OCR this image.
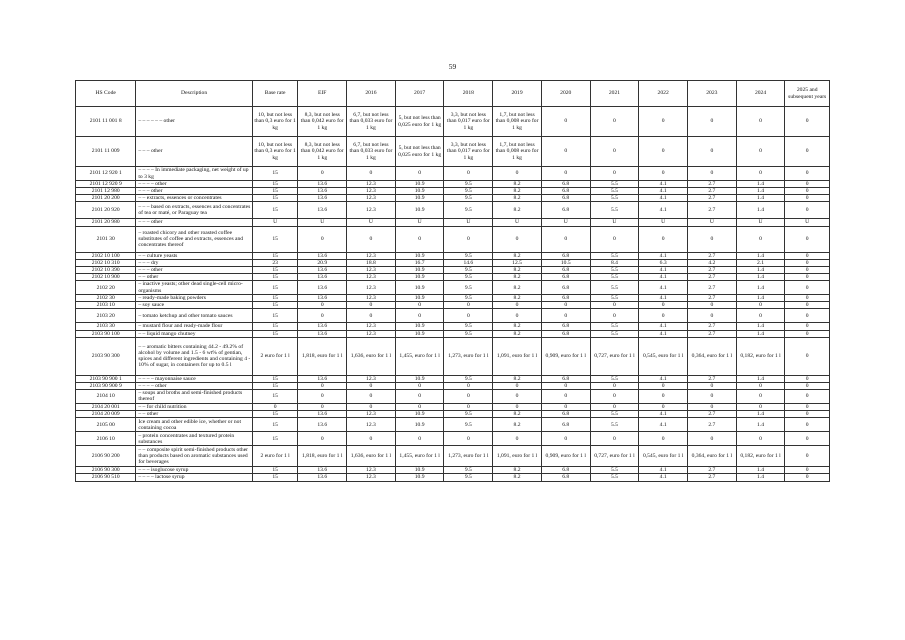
59
HS Code	Description	Base rate	EIF	2016	2017	2018	2019	2020	2021	2022	2023	2024	2025 and subsequent years
2101 11 001 8	– – – – – – other	10, but not less than 0,3 euro for 1 kg	8,3, but not less than 0,042 euro for 1 kg	6,7, but not less than 0,033 euro for 1 kg	5, but not less than 0,025 euro for 1 kg	3,3, but not less than 0,017 euro for 1 kg	1,7, but not less than 0,008 euro for 1 kg	0	0	0	0	0	0
2101 11 009	– – – other	10, but not less than 0,3 euro for 1 kg	8,3, but not less than 0,042 euro for 1 kg	6,7, but not less than 0,033 euro for 1 kg	5, but not less than 0,025 euro for 1 kg	3,3, but not less than 0,017 euro for 1 kg	1,7, but not less than 0,008 euro for 1 kg	0	0	0	0	0	0
2101 12 920 1	– – – – In immediate packaging, net weight of up to 3 kg	15	0	0	0	0	0	0	0	0	0	0	0
2101 12 920 9	– – – – other	15	13.6	12.3	10.9	9.5	8.2	6.8	5.5	4.1	2.7	1.4	0
2101 12 980	– – – other	15	13.6	12.3	10.9	9.5	8.2	6.8	5.5	4.1	2.7	1.4	0
2101 20 200	– – extracts, essences or concentrates	15	13.6	12.3	10.9	9.5	8.2	6.8	5.5	4.1	2.7	1.4	0
2101 20 920	– – – based on extracts, essences and concentrates of tea or maté, or Paraguay tea	15	13.6	12.3	10.9	9.5	8.2	6.8	5.5	4.1	2.7	1.4	0
2101 20 980	– – – other	U	U	U	U	U	U	U	U	U	U	U	U
2101 30	– roasted chicory and other roasted coffee substitutes of coffee and extracts, essences and concentrates thereof	15	0	0	0	0	0	0	0	0	0	0	0
2102 10 100	– – culture yeasts	15	13.6	12.3	10.9	9.5	8.2	6.8	5.5	4.1	2.7	1.4	0
2102 10 310	– – – dry	23	20.9	18.8	16.7	14.6	12.5	10.5	8.4	6.3	4.2	2.1	0
2102 10 390	– – – other	15	13.6	12.3	10.9	9.5	8.2	6.8	5.5	4.1	2.7	1.4	0
2102 10 900	– – other	15	13.6	12.3	10.9	9.5	8.2	6.8	5.5	4.1	2.7	1.4	0
2102 20	– inactive yeasts; other dead single-cell micro-organisms	15	13.6	12.3	10.9	9.5	8.2	6.8	5.5	4.1	2.7	1.4	0
2102 30	– ready-made baking powders	15	13.6	12.3	10.9	9.5	8.2	6.8	5.5	4.1	2.7	1.4	0
2103 10	– soy sauce	15	0	0	0	0	0	0	0	0	0	0	0
2103 20	– tomato ketchup and other tomato sauces	15	0	0	0	0	0	0	0	0	0	0	0
2103 30	– mustard flour and ready-made flour	15	13.6	12.3	10.9	9.5	8.2	6.8	5.5	4.1	2.7	1.4	0
2103 90 100	– – liquid mango chutney	15	13.6	12.3	10.9	9.5	8.2	6.8	5.5	4.1	2.7	1.4	0
2103 90 300	– – aromatic bitters containing 44.2 - 49.2% of alcohol by volume and 1.5 - 6 wt% of gentian, spices and different ingredients and containing 4 - 10% of sugar, in containers for up to 0.5 l	2 euro for 1 l	1,818, euro for 1 l	1,636, euro for 1 l	1,455, euro for 1 l	1,273, euro for 1 l	1,091, euro for 1 l	0,909, euro for 1 l	0,727, euro for 1 l	0,545, euro for 1 l	0,364, euro for 1 l	0,182, euro for 1 l	0
2103 90 900 1	– – – – mayonnaise sauce	15	13.6	12.3	10.9	9.5	8.2	6.8	5.5	4.1	2.7	1.4	0
2103 90 900 9	– – – – other	15	0	0	0	0	0	0	0	0	0	0	0
2104 10	– soups and broths and semi-finished products thereof	15	0	0	0	0	0	0	0	0	0	0	0
2104 20 001	– – for child nutrition	0	0	0	0	0	0	0	0	0	0	0	0
2104 20 009	– – other	15	13.6	12.3	10.9	9.5	8.2	6.8	5.5	4.1	2.7	1.4	0
2105 00	Ice cream and other edible ice, whether or not containing cocoa	15	13.6	12.3	10.9	9.5	8.2	6.8	5.5	4.1	2.7	1.4	0
2106 10	– protein concentrates and textured protein substances	15	0	0	0	0	0	0	0	0	0	0	0
2106 90 200	– – composite spirit semi-finished products other than products based on aromatic substances used for beverages	2 euro for 1 l	1,818, euro for 1 l	1,636, euro for 1 l	1,455, euro for 1 l	1,273, euro for 1 l	1,091, euro for 1 l	0,909, euro for 1 l	0,727, euro for 1 l	0,545, euro for 1 l	0,364, euro for 1 l	0,182, euro for 1 l	0
2106 90 300	– – – isoglucose syrup	15	13.6	12.3	10.9	9.5	8.2	6.8	5.5	4.1	2.7	1.4	0
2106 90 510	– – – – lactose syrup	15	13.6	12.3	10.9	9.5	8.2	6.8	5.5	4.1	2.7	1.4	0
